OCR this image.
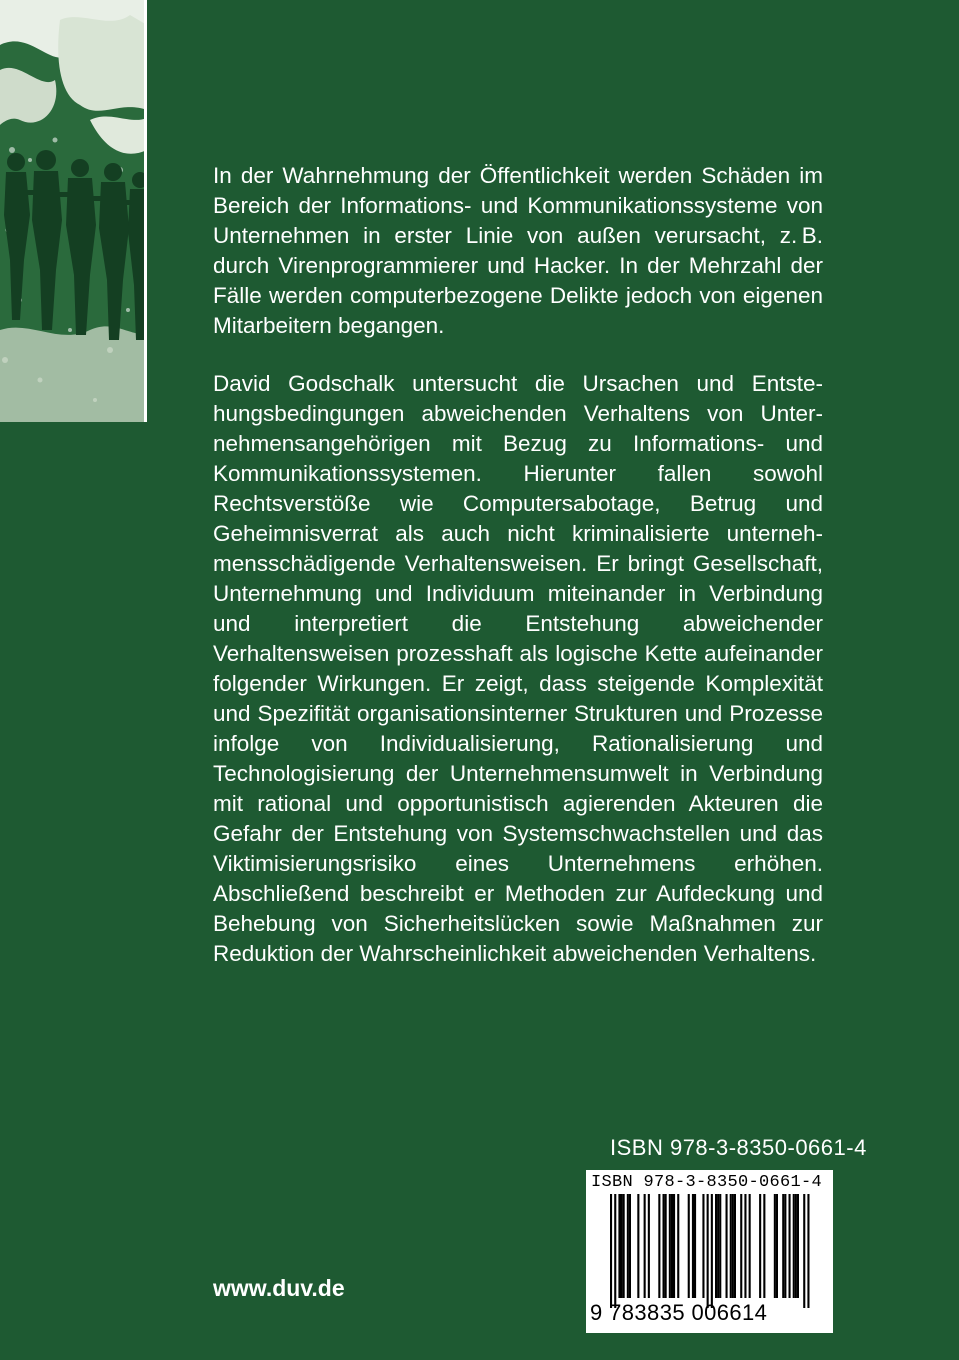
In der Wahrnehmung der Öffentlichkeit werden Schäden im Bereich der Informations- und Kommunikationssysteme von Unternehmen in erster Linie von außen verursacht, z. B. durch Virenprogrammierer und Hacker. In der Mehrzahl der Fälle werden computerbezogene Delikte jedoch von eigenen Mitarbeitern begangen.

David Godschalk untersucht die Ursachen und Entstehungsbedingungen abweichenden Verhaltens von Unternehmensangehörigen mit Bezug zu Informations- und Kommunikationssystemen. Hierunter fallen sowohl Rechtsverstöße wie Computersabotage, Betrug und Geheimnisverrat als auch nicht kriminalisierte unternehmensschädigende Verhaltensweisen. Er bringt Gesellschaft, Unternehmung und Individuum miteinander in Verbindung und interpretiert die Entstehung abweichender Verhaltensweisen prozesshaft als logische Kette aufeinander folgender Wirkungen. Er zeigt, dass steigende Komplexität und Spezifität organisationsinterner Strukturen und Prozesse infolge von Individualisierung, Rationalisierung und Technologisierung der Unternehmensumwelt in Verbindung mit rational und opportunistisch agierenden Akteuren die Gefahr der Entstehung von Systemschwachstellen und das Viktimisierungsrisiko eines Unternehmens erhöhen. Abschließend beschreibt er Methoden zur Aufdeckung und Behebung von Sicherheitslücken sowie Maßnahmen zur Reduktion der Wahrscheinlichkeit abweichenden Verhaltens.

ISBN 978-3-8350-0661-4
ISBN 978-3-8350-0661-4
9 783835 006614
www.duv.de
